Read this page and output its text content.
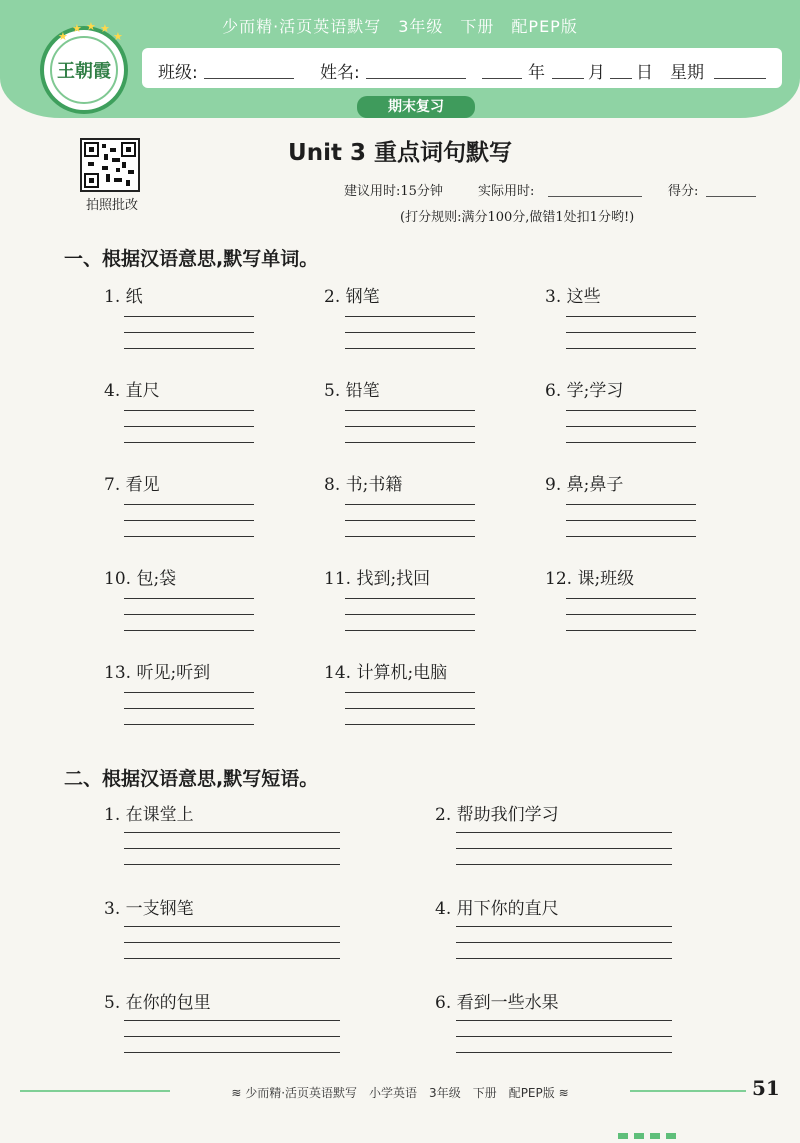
少而精·活页英语默写　3年级　下册　配PEP版
王朝霞
★
★ ★ ★
★
班级:	姓名:	年	月 日 星期
期末复习
拍照批改
Unit 3 重点词句默写
建议用时:15分钟	实际用时:	得分:
(打分规则:满分100分,做错1处扣1分哟!)
一、根据汉语意思,默写单词。
1. 纸	2. 钢笔	3. 这些
4. 直尺	5. 铅笔	6. 学;学习
7. 看见	8. 书;书籍	9. 鼻;鼻子
10. 包;袋	11. 找到;找回	12. 课;班级
13. 听见;听到	14. 计算机;电脑
二、根据汉语意思,默写短语。
1. 在课堂上	2. 帮助我们学习
3. 一支钢笔	4. 用下你的直尺
5. 在你的包里	6. 看到一些水果
≋ 少而精·活页英语默写　小学英语　3年级　下册　配PEP版 ≋	51
